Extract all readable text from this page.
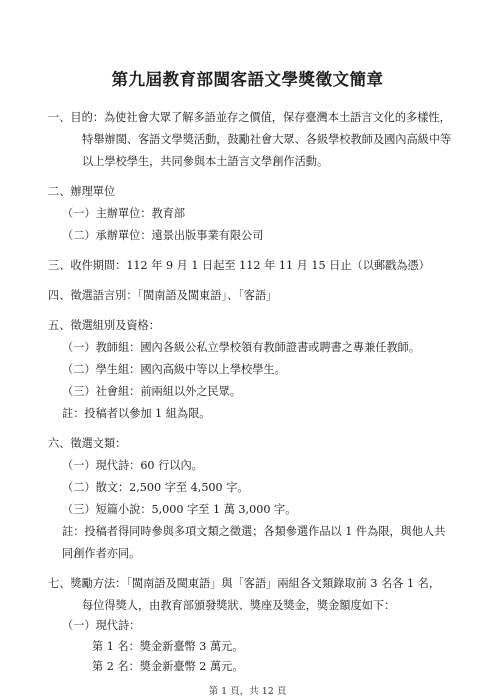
第九屆教育部閩客語文學獎徵文簡章
一、目的：為使社會大眾了解多語並存之價值，保存臺灣本土語言文化的多樣性，
特舉辦閩、客語文學獎活動，鼓勵社會大眾、各級學校教師及國內高級中等
以上學校學生，共同參與本土語言文學創作活動。
二、辦理單位
（一）主辦單位：教育部
（二）承辦單位：遠景出版事業有限公司
三、收件期間：112 年 9 月 1 日起至 112 年 11 月 15 日止（以郵戳為憑）
四、徵選語言別：「閩南語及閩東語」、「客語」
五、徵選組別及資格：
（一）教師組：國內各級公私立學校領有教師證書或聘書之專兼任教師。
（二）學生組：國內高級中等以上學校學生。
（三）社會組：前兩組以外之民眾。
註：投稿者以參加 1 組為限。
六、徵選文類：
（一）現代詩：60 行以內。
（二）散文：2,500 字至 4,500 字。
（三）短篇小說：5,000 字至 1 萬 3,000 字。
註：投稿者得同時參與多項文類之徵選；各類參選作品以 1 件為限，與他人共
同創作者亦同。
七、獎勵方法：「閩南語及閩東語」與「客語」兩組各文類錄取前 3 名各 1 名，
每位得獎人，由教育部頒發獎狀、獎座及獎金，獎金額度如下：
（一）現代詩：
第 1 頁，共 12 頁
第 1 名：獎金新臺幣 3 萬元。
第 2 名：獎金新臺幣 2 萬元。
